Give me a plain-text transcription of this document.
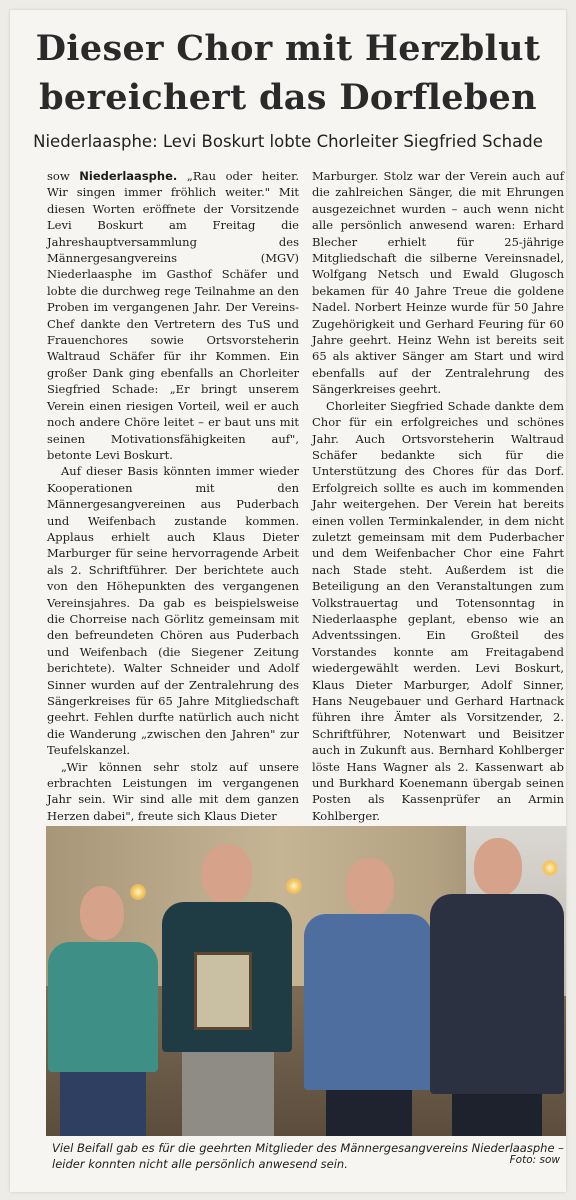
Dieser Chor mit Herzblut
bereichert das Dorfleben

Niederlaasphe: Levi Boskurt lobte Chorleiter Siegfried Schade

sow Niederlaasphe. „Rau oder heiter. Wir singen immer fröhlich weiter." Mit diesen Worten eröffnete der Vorsitzende Levi Boskurt am Freitag die Jahreshauptversammlung des Männergesangvereins (MGV) Niederlaasphe im Gasthof Schäfer und lobte die durchweg rege Teilnahme an den Proben im vergangenen Jahr. Der Vereins-Chef dankte den Vertretern des TuS und Frauenchores sowie Ortsvorsteherin Waltraud Schäfer für ihr Kommen. Ein großer Dank ging ebenfalls an Chorleiter Siegfried Schade: „Er bringt unserem Verein einen riesigen Vorteil, weil er auch noch andere Chöre leitet – er baut uns mit seinen Motivationsfähigkeiten auf", betonte Levi Boskurt.

Auf dieser Basis könnten immer wieder Kooperationen mit den Männergesangvereinen aus Puderbach und Weifenbach zustande kommen. Applaus erhielt auch Klaus Dieter Marburger für seine hervorragende Arbeit als 2. Schriftführer. Der berichtete auch von den Höhepunkten des vergangenen Vereinsjahres. Da gab es beispielsweise die Chorreise nach Görlitz gemeinsam mit den befreundeten Chören aus Puderbach und Weifenbach (die Siegener Zeitung berichtete). Walter Schneider und Adolf Sinner wurden auf der Zentralehrung des Sängerkreises für 65 Jahre Mitgliedschaft geehrt. Fehlen durfte natürlich auch nicht die Wanderung „zwischen den Jahren" zur Teufelskanzel.

„Wir können sehr stolz auf unsere erbrachten Leistungen im vergangenen Jahr sein. Wir sind alle mit dem ganzen Herzen dabei", freute sich Klaus Dieter

Marburger. Stolz war der Verein auch auf die zahlreichen Sänger, die mit Ehrungen ausgezeichnet wurden – auch wenn nicht alle persönlich anwesend waren: Erhard Blecher erhielt für 25-jährige Mitgliedschaft die silberne Vereinsnadel, Wolfgang Netsch und Ewald Glugosch bekamen für 40 Jahre Treue die goldene Nadel. Norbert Heinze wurde für 50 Jahre Zugehörigkeit und Gerhard Feuring für 60 Jahre geehrt. Heinz Wehn ist bereits seit 65 als aktiver Sänger am Start und wird ebenfalls auf der Zentralehrung des Sängerkreises geehrt.

Chorleiter Siegfried Schade dankte dem Chor für ein erfolgreiches und schönes Jahr. Auch Ortsvorsteherin Waltraud Schäfer bedankte sich für die Unterstützung des Chores für das Dorf. Erfolgreich sollte es auch im kommenden Jahr weitergehen. Der Verein hat bereits einen vollen Terminkalender, in dem nicht zuletzt gemeinsam mit dem Puderbacher und dem Weifenbacher Chor eine Fahrt nach Stade steht. Außerdem ist die Beteiligung an den Veranstaltungen zum Volkstrauertag und Totensonntag in Niederlaasphe geplant, ebenso wie an Adventssingen. Ein Großteil des Vorstandes konnte am Freitagabend wiedergewählt werden. Levi Boskurt, Klaus Dieter Marburger, Adolf Sinner, Hans Neugebauer und Gerhard Hartnack führen ihre Ämter als Vorsitzender, 2. Schriftführer, Notenwart und Beisitzer auch in Zukunft aus. Bernhard Kohlberger löste Hans Wagner als 2. Kassenwart ab und Burkhard Koenemann übergab seinen Posten als Kassenprüfer an Armin Kohlberger.

Viel Beifall gab es für die geehrten Mitglieder des Männergesangvereins Niederlaasphe – leider konnten nicht alle persönlich anwesend sein.	Foto: sow
